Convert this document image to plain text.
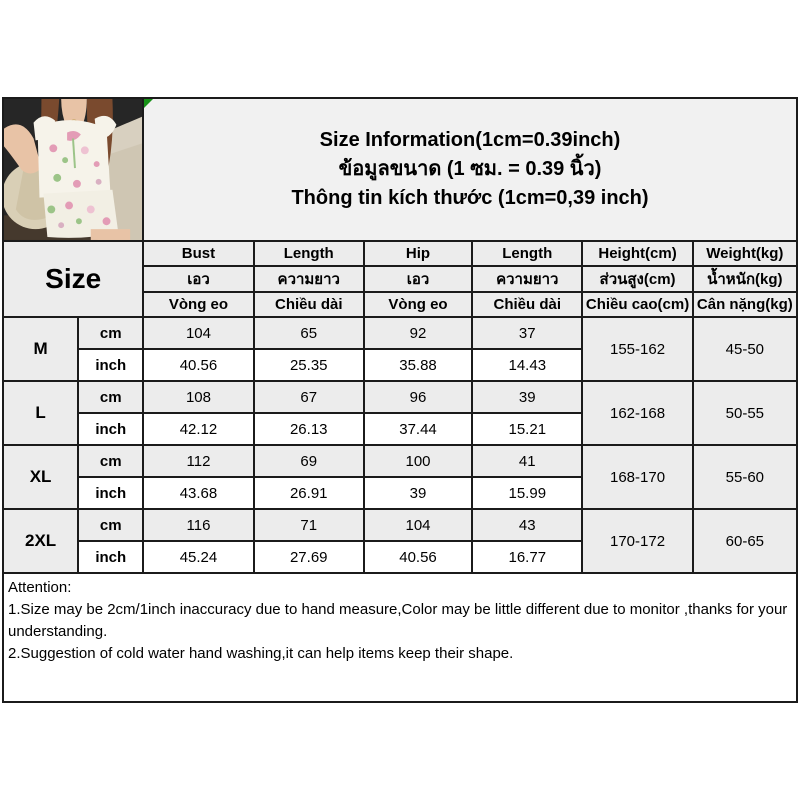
Size Information(1cm=0.39inch)
ข้อมูลขนาด (1 ซม. = 0.39 นิ้ว)
Thông tin kích thước (1cm=0,39 inch)
Size		Bust	Length	Hip	Length	Height(cm)	Weight(kg)
		เอว	ความยาว	เอว	ความยาว	ส่วนสูง(cm)	น้ำหนัก(kg)
		Vòng eo	Chiều dài	Vòng eo	Chiều dài	Chiều cao(cm)	Cân nặng(kg)
M	cm	104	65	92	37	155-162	45-50
	inch	40.56	25.35	35.88	14.43		
L	cm	108	67	96	39	162-168	50-55
	inch	42.12	26.13	37.44	15.21		
XL	cm	112	69	100	41	168-170	55-60
	inch	43.68	26.91	39	15.99		
2XL	cm	116	71	104	43	170-172	60-65
	inch	45.24	27.69	40.56	16.77		

Attention:

1.Size may be 2cm/1inch inaccuracy due to hand measure,Color may be little different due to monitor ,thanks for your understanding.

2.Suggestion of cold water hand washing,it can help items keep their shape.
